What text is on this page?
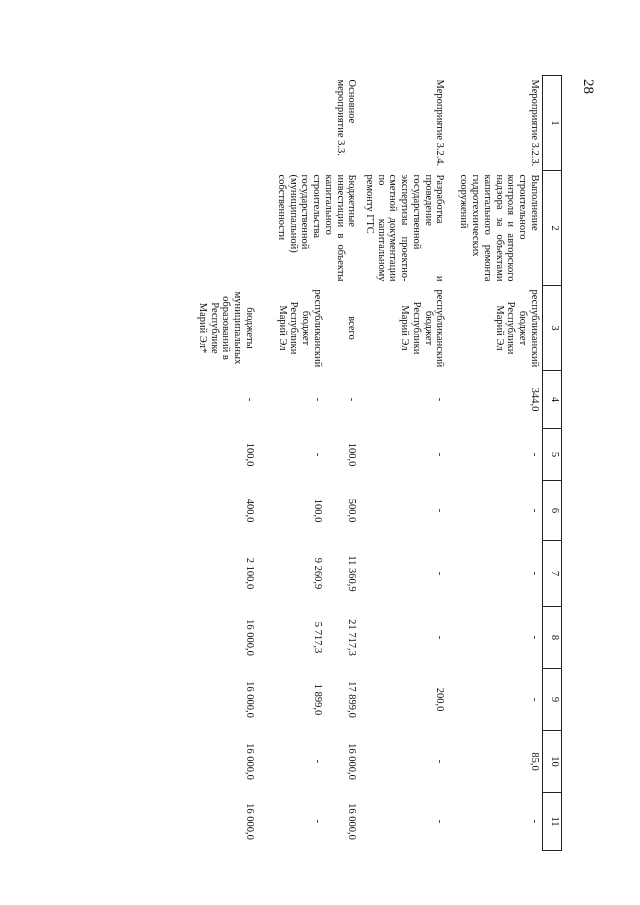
28
1	2	3	4	5	6	7	8	9	10	11
Мероприятие 3.2.3.	Выполнение строительного контроля и авторского надзора за объектами капитального ремонта гидротехнических сооружений	республиканский бюджет Республики Марий Эл	344,0	-	-	-	-	-	85,0	-
Мероприятие 3.2.4.	Разработка и проведение государственной экспертизы проектно-сметной документации по капитальному ремонту ГТС	республиканский бюджет Республики Марий Эл	-	-	-	-	-	200,0	-	-
Основное мероприятие 3.3.	Бюджетные инвестиции в объекты капитального строительства государственной (муниципальной) собственности	всего	-	100,0	500,0	11 360,9	21 717,3	17 899,0	16 000,0	16 000,0
		республиканский бюджет Республики Марий Эл	-	-	100,0	9 260,9	5 717,3	1 899,0	-	-
		бюджеты муниципальных образований в Республике Марий Эл*	-	100,0	400,0	2 100,0	16 000,0	16 000,0	16 000,0	16 000,0
